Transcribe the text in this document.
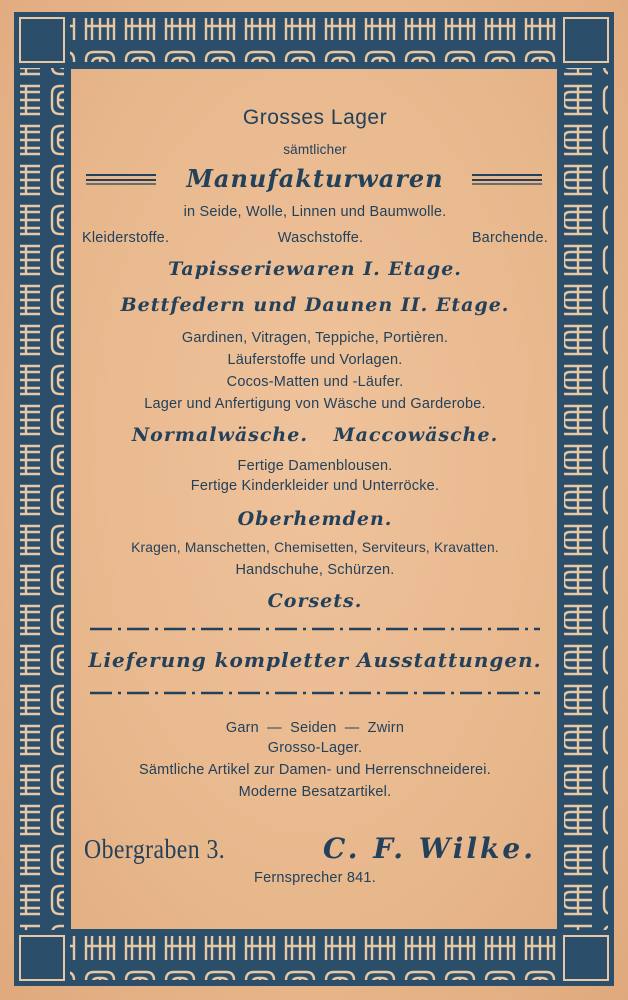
Grosses Lager
sämtlicher
Manufakturwaren
in Seide, Wolle, Linnen und Baumwolle.
Kleiderstoffe.	Waschstoffe.	Barchende.
Tapisseriewaren I. Etage.
Bettfedern und Daunen II. Etage.
Gardinen, Vitragen, Teppiche, Portièren.
Läuferstoffe und Vorlagen.
Cocos-Matten und -Läufer.
Lager und Anfertigung von Wäsche und Garderobe.
Normalwäsche. Maccowäsche.
Fertige Damenblousen.
Fertige Kinderkleider und Unterröcke.
Oberhemden.
Kragen, Manschetten, Chemisetten, Serviteurs, Kravatten.
Handschuhe, Schürzen.
Corsets.
Lieferung kompletter Ausstattungen.
Garn — Seiden — Zwirn
Grosso-Lager.
Sämtliche Artikel zur Damen- und Herrenschneiderei.
Moderne Besatzartikel.
Obergraben 3.	C. F. Wilke.
Fernsprecher 841.
